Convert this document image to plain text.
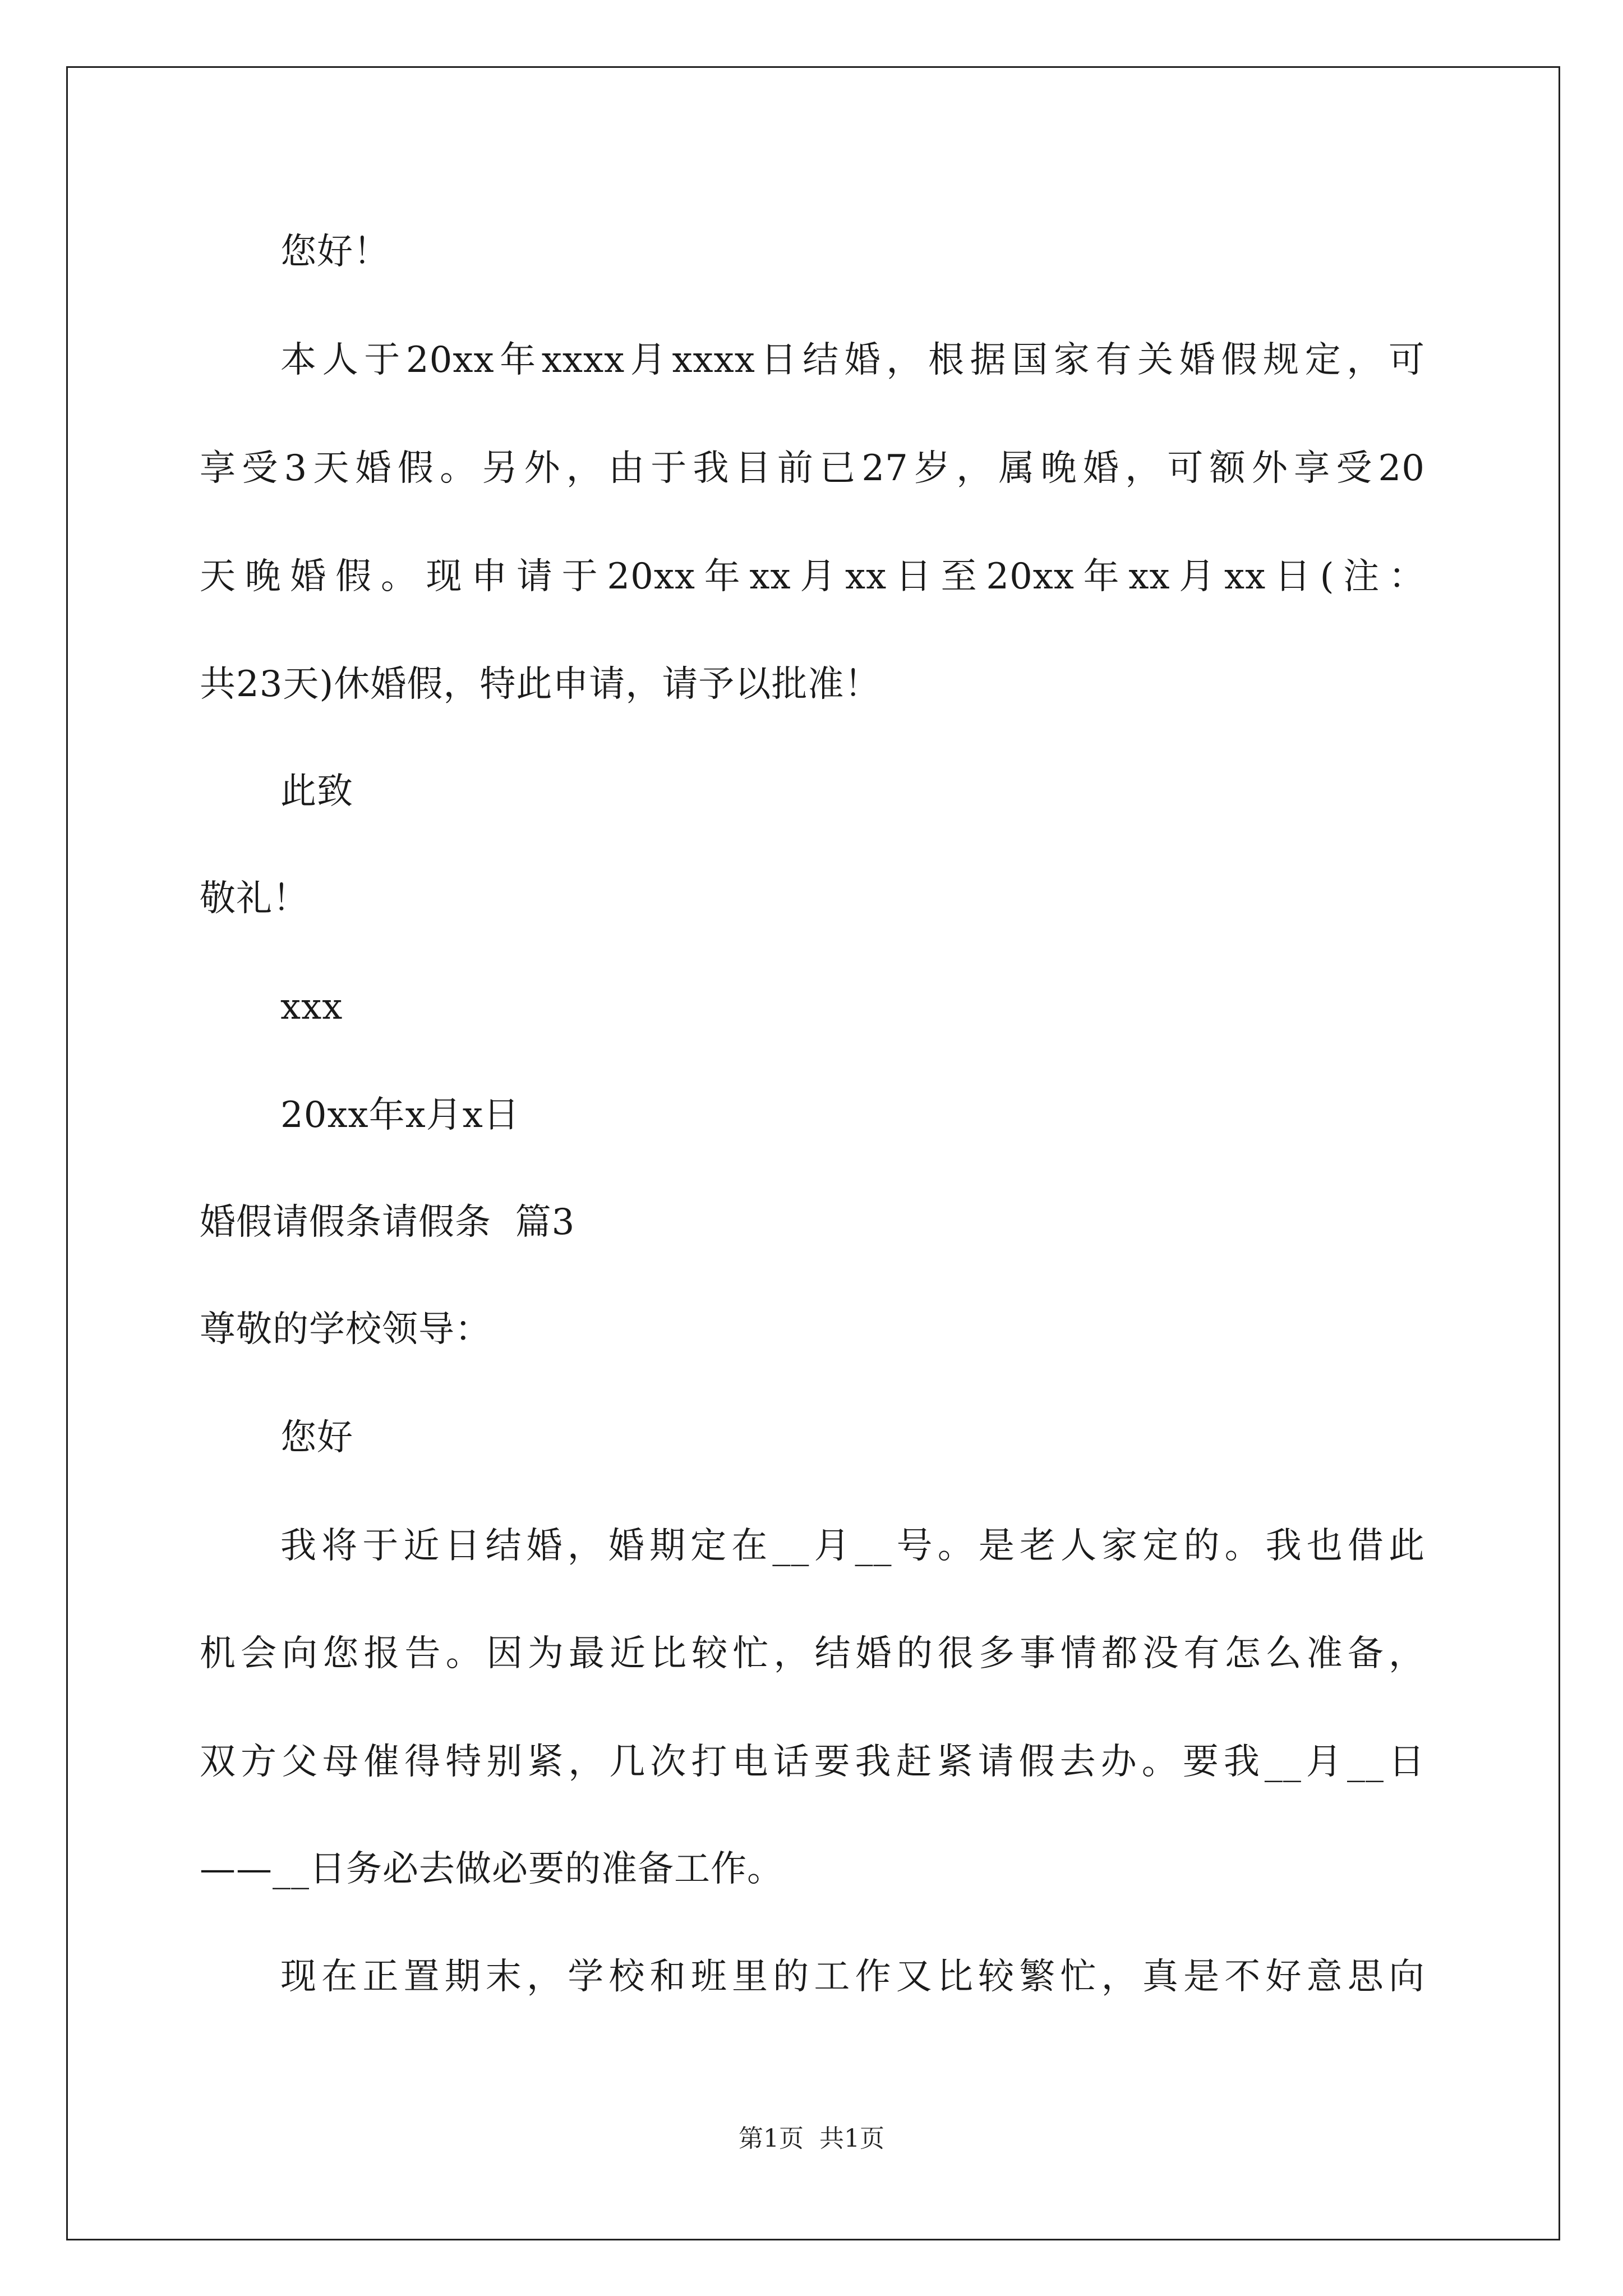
您好！
本人于20xx年xxxx月xxxx日结婚，根据国家有关婚假规定，可
享受3天婚假。另外，由于我目前已27岁，属晚婚，可额外享受20
天晚婚假。现申请于20xx年xx月xx日至20xx年xx月xx日(注：
共23天)休婚假，特此申请，请予以批准！
此致
敬礼！
xxx
20xx年x月x日
婚假请假条请假条  篇3
尊敬的学校领导：
您好
我将于近日结婚，婚期定在__月__号。是老人家定的。我也借此
机会向您报告。因为最近比较忙，结婚的很多事情都没有怎么准备，
双方父母催得特别紧，几次打电话要我赶紧请假去办。要我__月__日
——__日务必去做必要的准备工作。
现在正置期末，学校和班里的工作又比较繁忙，真是不好意思向
第1页  共1页
